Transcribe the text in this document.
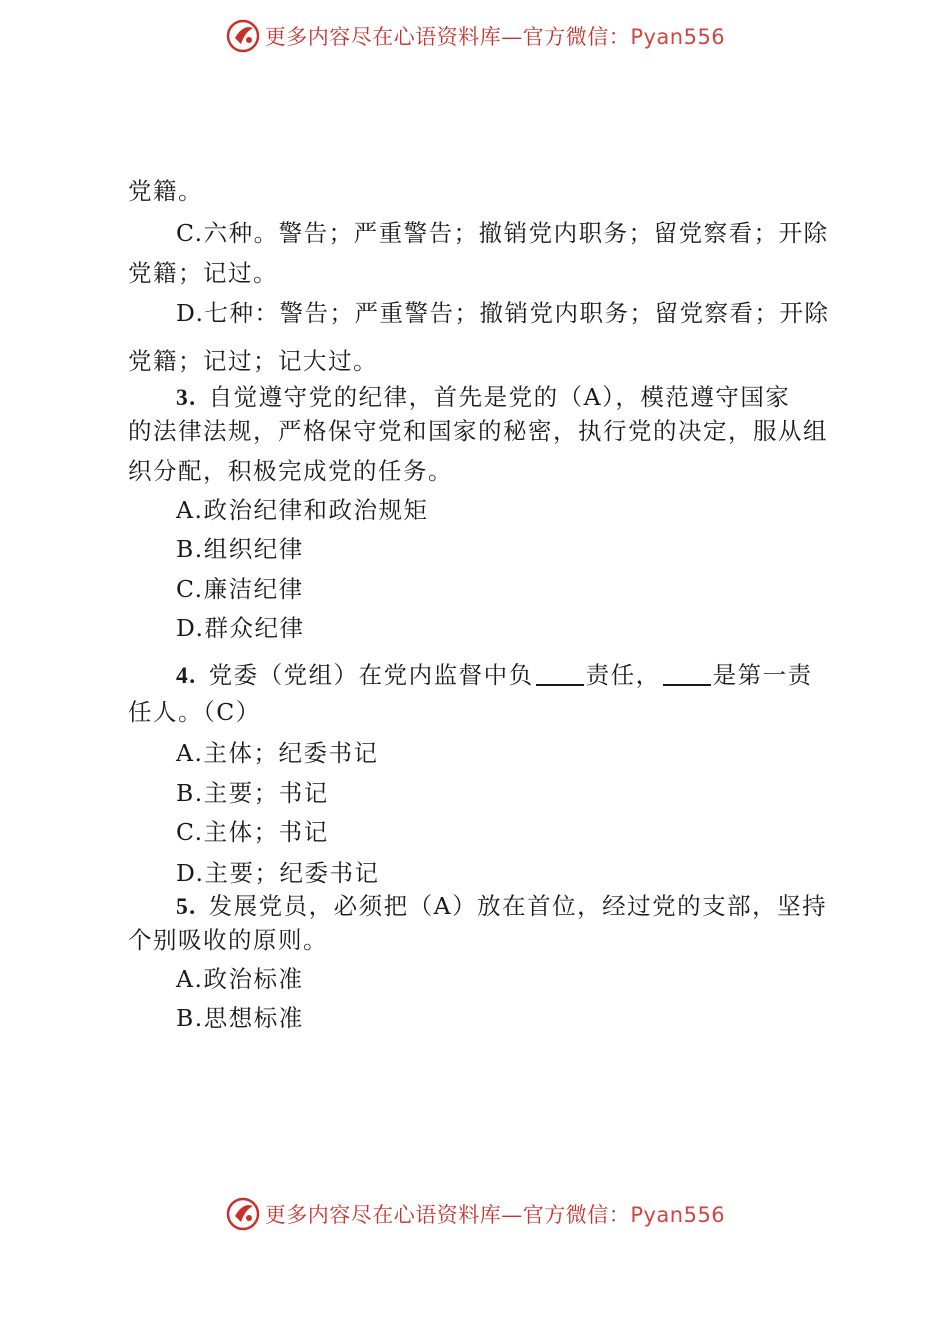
更多内容尽在心语资料库—官方微信：Pyan556
党籍。
C.六种。警告；严重警告；撤销党内职务；留党察看；开除
党籍；记过。
D.七种：警告；严重警告；撤销党内职务；留党察看；开除
党籍；记过；记大过。
3. 自觉遵守党的纪律，首先是党的（A），模范遵守国家
的法律法规，严格保守党和国家的秘密，执行党的决定，服从组
织分配，积极完成党的任务。
A.政治纪律和政治规矩
B.组织纪律
C.廉洁纪律
D.群众纪律
4. 党委（党组）在党内监督中负 责任， 是第一责
任人。（C）
A.主体；纪委书记
B.主要；书记
C.主体；书记
D.主要；纪委书记
5. 发展党员，必须把（A）放在首位，经过党的支部，坚持
个别吸收的原则。
A.政治标准
B.思想标准
更多内容尽在心语资料库—官方微信：Pyan556
